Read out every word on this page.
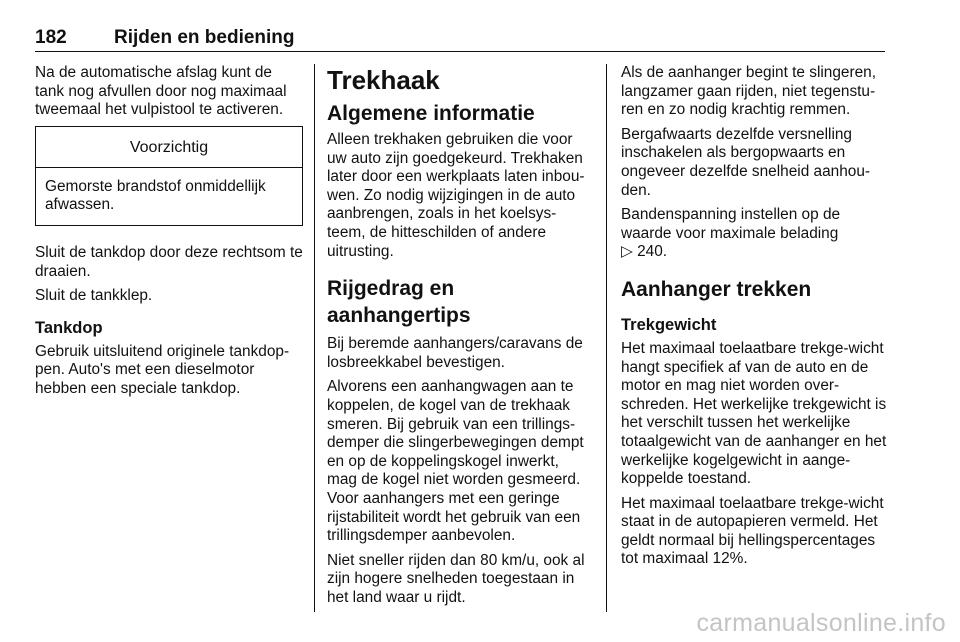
182 Rijden en bediening

Na de automatische afslag kunt de tank nog afvullen door nog maximaal tweemaal het vulpistool te activeren.

Voorzichtig
Gemorste brandstof onmiddellijk afwassen.

Sluit de tankdop door deze rechtsom te draaien.

Sluit de tankklep.

Tankdop

Gebruik uitsluitend originele tankdop-pen. Auto's met een dieselmotor hebben een speciale tankdop.

Trekhaak
Algemene informatie

Alleen trekhaken gebruiken die voor uw auto zijn goedgekeurd. Trekhaken later door een werkplaats laten inbou-wen. Zo nodig wijzigingen in de auto aanbrengen, zoals in het koelsys-teem, de hitteschilden of andere uitrusting.

Rijgedrag en aanhangertips

Bij beremde aanhangers/caravans de losbreekkabel bevestigen.

Alvorens een aanhangwagen aan te koppelen, de kogel van de trekhaak smeren. Bij gebruik van een trillings-demper die slingerbewegingen dempt en op de koppelingskogel inwerkt, mag de kogel niet worden gesmeerd. Voor aanhangers met een geringe rijstabiliteit wordt het gebruik van een trillingsdemper aanbevolen.

Niet sneller rijden dan 80 km/u, ook al zijn hogere snelheden toegestaan in het land waar u rijdt.

Als de aanhanger begint te slingeren, langzamer gaan rijden, niet tegenstu-ren en zo nodig krachtig remmen.

Bergafwaarts dezelfde versnelling inschakelen als bergopwaarts en ongeveer dezelfde snelheid aanhou-den.

Bandenspanning instellen op de waarde voor maximale belading
▷ 240.

Aanhanger trekken
Trekgewicht

Het maximaal toelaatbare trekge-wicht hangt specifiek af van de auto en de motor en mag niet worden over-schreden. Het werkelijke trekgewicht is het verschilt tussen het werkelijke totaalgewicht van de aanhanger en het werkelijke kogelgewicht in aange-koppelde toestand.

Het maximaal toelaatbare trekge-wicht staat in de autopapieren vermeld. Het geldt normaal bij hellingspercentages tot maximaal 12%.

carmanualsonline.info
